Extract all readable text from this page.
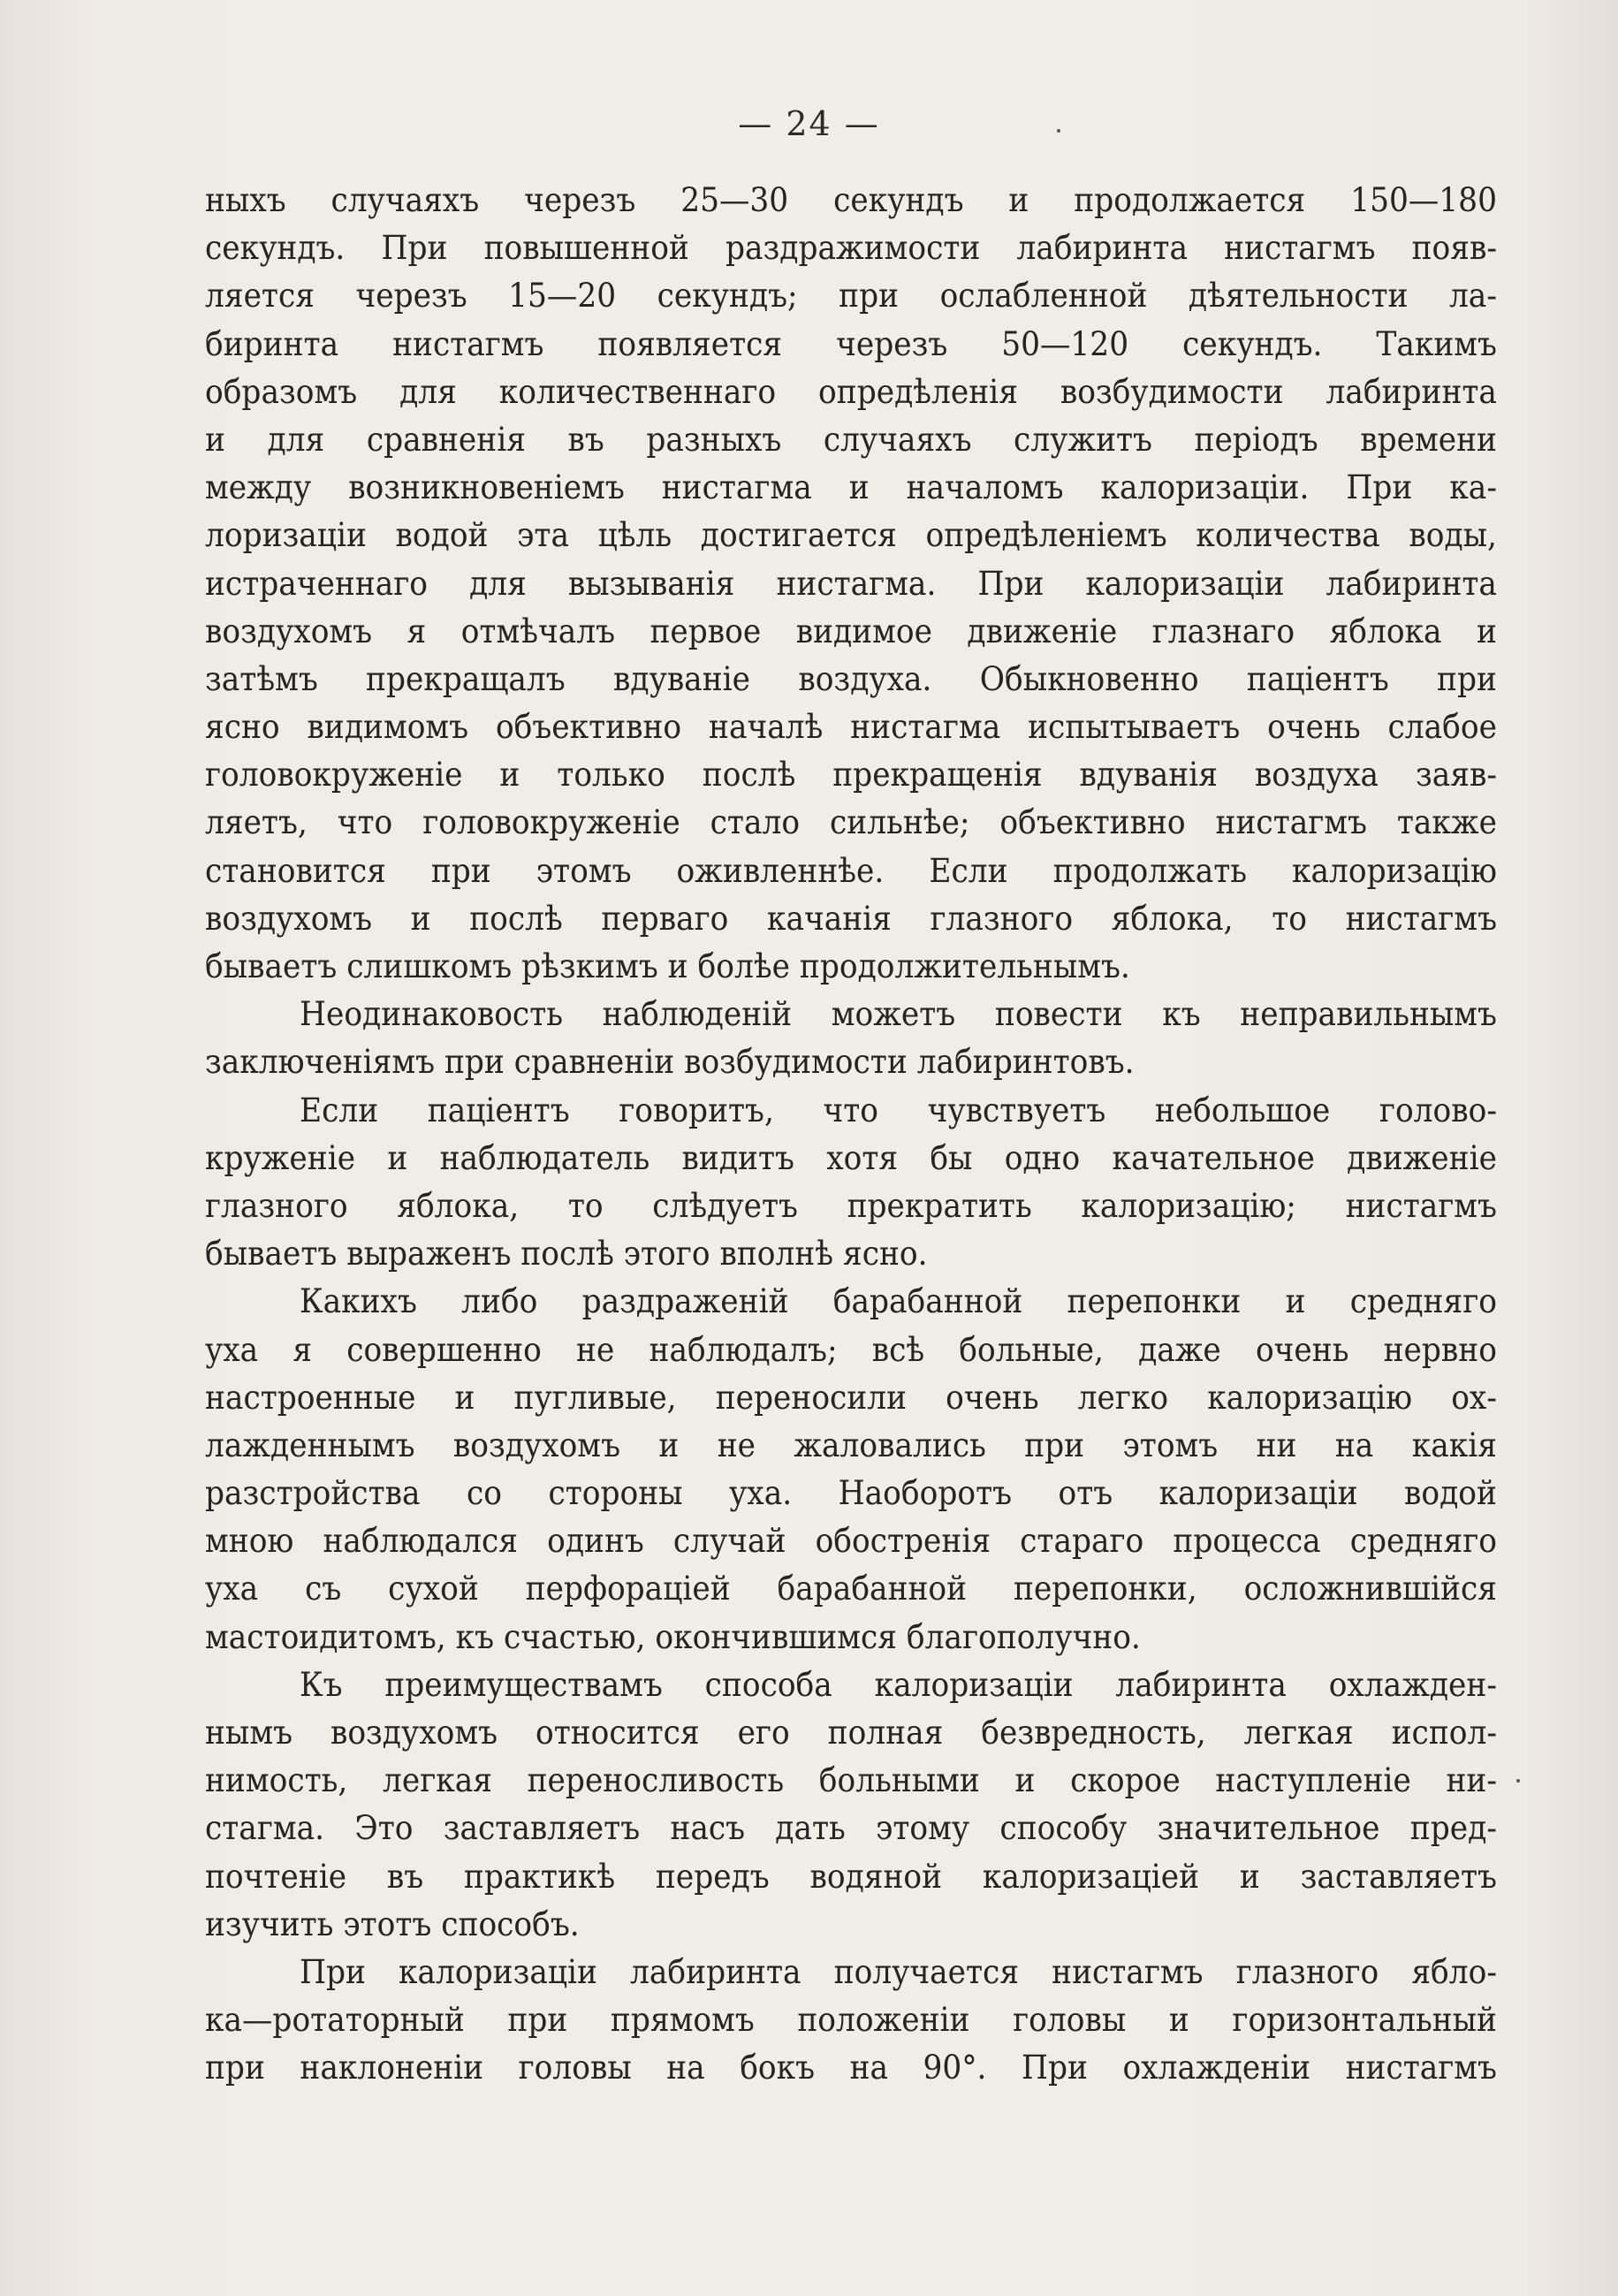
— 24 —
ныхъ случаяхъ черезъ 25—30 секундъ и продолжается 150—180
секундъ. При повышенной раздражимости лабиринта нистагмъ появ-
ляется черезъ 15—20 секундъ; при ослабленной дѣятельности ла-
биринта нистагмъ появляется черезъ 50—120 секундъ. Такимъ
образомъ для количественнаго опредѣленія возбудимости лабиринта
и для сравненія въ разныхъ случаяхъ служитъ періодъ времени
между возникновеніемъ нистагма и началомъ калоризаціи. При ка-
лоризаціи водой эта цѣль достигается опредѣленіемъ количества воды,
истраченнаго для вызыванія нистагма. При калоризаціи лабиринта
воздухомъ я отмѣчалъ первое видимое движеніе глазнаго яблока и
затѣмъ прекращалъ вдуваніе воздуха. Обыкновенно паціентъ при
ясно видимомъ объективно началѣ нистагма испытываетъ очень слабое
головокруженіе и только послѣ прекращенія вдуванія воздуха заяв-
ляетъ, что головокруженіе стало сильнѣе; объективно нистагмъ также
становится при этомъ оживленнѣе. Если продолжать калоризацію
воздухомъ и послѣ перваго качанія глазного яблока, то нистагмъ
бываетъ слишкомъ рѣзкимъ и болѣе продолжительнымъ.
Неодинаковость наблюденій можетъ повести къ неправильнымъ
заключеніямъ при сравненіи возбудимости лабиринтовъ.
Если паціентъ говоритъ, что чувствуетъ небольшое голово-
круженіе и наблюдатель видитъ хотя бы одно качательное движеніе
глазного яблока, то слѣдуетъ прекратить калоризацію; нистагмъ
бываетъ выраженъ послѣ этого вполнѣ ясно.
Какихъ либо раздраженій барабанной перепонки и средняго
уха я совершенно не наблюдалъ; всѣ больные, даже очень нервно
настроенные и пугливые, переносили очень легко калоризацію ох-
лажденнымъ воздухомъ и не жаловались при этомъ ни на какія
разстройства со стороны уха. Наоборотъ отъ калоризаціи водой
мною наблюдался одинъ случай обостренія стараго процесса средняго
уха съ сухой перфораціей барабанной перепонки, осложнившійся
мастоидитомъ, къ счастью, окончившимся благополучно.
Къ преимуществамъ способа калоризаціи лабиринта охлажден-
нымъ воздухомъ относится его полная безвредность, легкая испол-
нимость, легкая переносливость больными и скорое наступленіе ни-
стагма. Это заставляетъ насъ дать этому способу значительное пред-
почтеніе въ практикѣ передъ водяной калоризаціей и заставляетъ
изучить этотъ способъ.
При калоризаціи лабиринта получается нистагмъ глазного ябло-
ка—ротаторный при прямомъ положеніи головы и горизонтальный
при наклоненіи головы на бокъ на 90°. При охлажденіи нистагмъ
